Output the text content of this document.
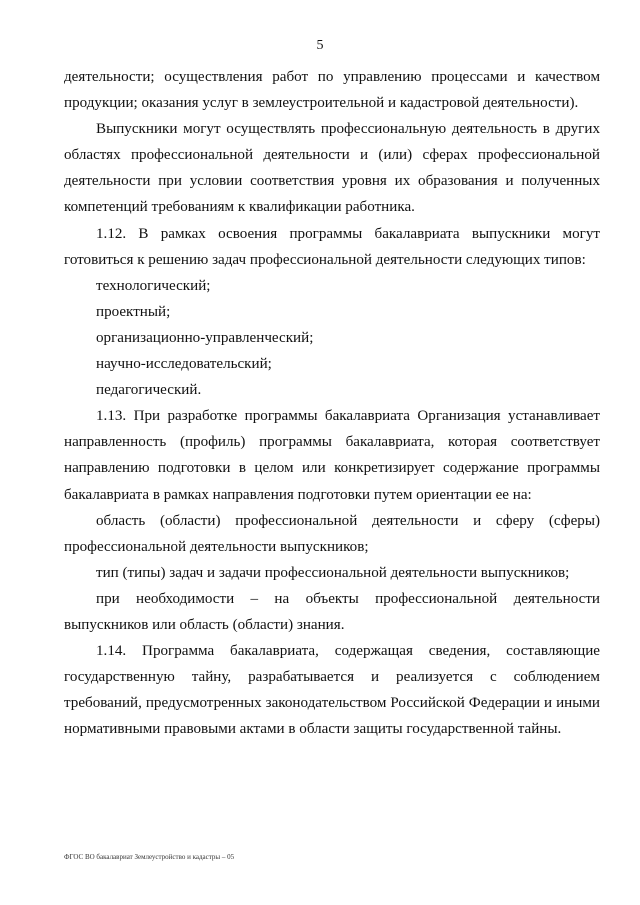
5

деятельности; осуществления работ по управлению процессами и качеством продукции; оказания услуг в землеустроительной и кадастровой деятельности).

Выпускники могут осуществлять профессиональную деятельность в других областях профессиональной деятельности и (или) сферах профессиональной деятельности при условии соответствия уровня их образования и полученных компетенций требованиям к квалификации работника.

1.12. В рамках освоения программы бакалавриата выпускники могут готовиться к решению задач профессиональной деятельности следующих типов:

технологический;

проектный;

организационно-управленческий;

научно-исследовательский;

педагогический.

1.13. При разработке программы бакалавриата Организация устанавливает направленность (профиль) программы бакалавриата, которая соответствует направлению подготовки в целом или конкретизирует содержание программы бакалавриата в рамках направления подготовки путем ориентации ее на:

область (области) профессиональной деятельности и сферу (сферы) профессиональной деятельности выпускников;

тип (типы) задач и задачи профессиональной деятельности выпускников;

при необходимости – на объекты профессиональной деятельности выпускников или область (области) знания.

1.14. Программа бакалавриата, содержащая сведения, составляющие государственную тайну, разрабатывается и реализуется с соблюдением требований, предусмотренных законодательством Российской Федерации и иными нормативными правовыми актами в области защиты государственной тайны.

ФГОС ВО бакалавриат Землеустройство и кадастры – 05
